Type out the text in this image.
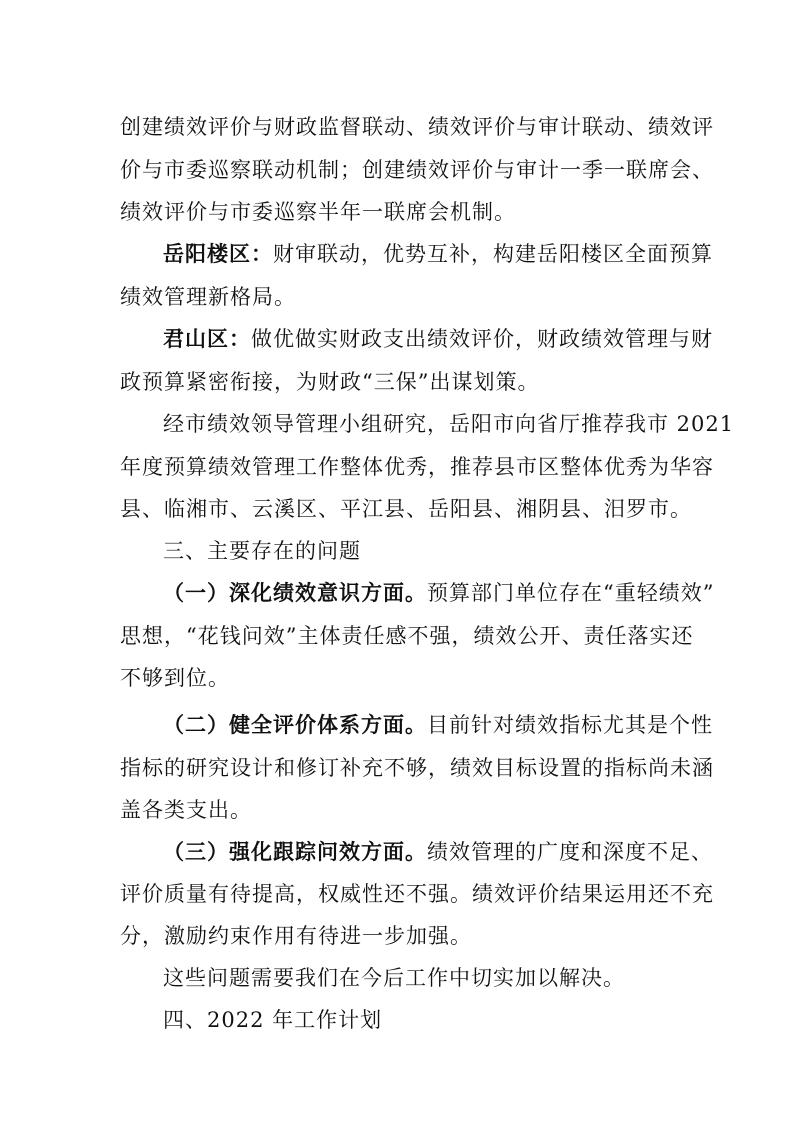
创建绩效评价与财政监督联动、绩效评价与审计联动、绩效评
价与市委巡察联动机制；创建绩效评价与审计一季一联席会、
绩效评价与市委巡察半年一联席会机制。
岳阳楼区：财审联动，优势互补，构建岳阳楼区全面预算
绩效管理新格局。
君山区：做优做实财政支出绩效评价，财政绩效管理与财
政预算紧密衔接，为财政“三保”出谋划策。
经市绩效领导管理小组研究，岳阳市向省厅推荐我市 2021
年度预算绩效管理工作整体优秀，推荐县市区整体优秀为华容
县、临湘市、云溪区、平江县、岳阳县、湘阴县、汨罗市。
三、主要存在的问题
（一）深化绩效意识方面。预算部门单位存在“重轻绩效”
思想，“花钱问效”主体责任感不强，绩效公开、责任落实还
不够到位。
（二）健全评价体系方面。目前针对绩效指标尤其是个性
指标的研究设计和修订补充不够，绩效目标设置的指标尚未涵
盖各类支出。
（三）强化跟踪问效方面。绩效管理的广度和深度不足、
评价质量有待提高，权威性还不强。绩效评价结果运用还不充
分，激励约束作用有待进一步加强。
这些问题需要我们在今后工作中切实加以解决。
四、2022 年工作计划
